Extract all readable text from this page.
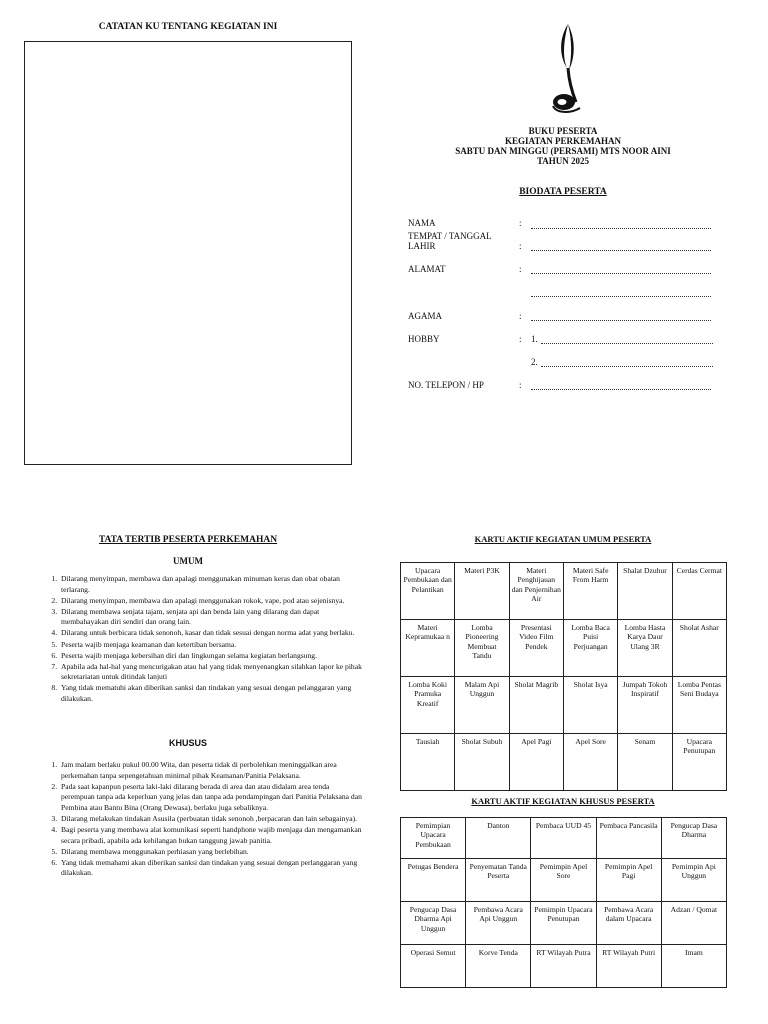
CATATAN KU TENTANG KEGIATAN INI
BUKU PESERTA
KEGIATAN PERKEMAHAN
SABTU DAN MINGGU (PERSAMI) MTS NOOR AINI
TAHUN 2025
BIODATA PESERTA
NAMA	:
TEMPAT / TANGGAL LAHIR	:
ALAMAT	:
AGAMA	:
HOBBY	: 1.
2.
NO. TELEPON / HP	:
TATA TERTIB PESERTA PERKEMAHAN
UMUM
1. Dilarang menyimpan, membawa dan apalagi menggunakan minuman keras dan obat obatan terlarang.
2. Dilarang menyimpan, membawa dan apalagi menggunakan rokok, vape, pod atau sejenisnya.
3. Dilarang membawa senjata tajam, senjata api dan benda lain yang dilarang dan dapat membahayakan diri sendiri dan orang lain.
4. Dilarang untuk berbicara tidak senonoh, kasar dan tidak sesuai dengan norma adat yang berlaku.
5. Peserta wajib menjaga keamanan dan ketertiban bersama.
6. Peserta wajib menjaga kebersihan diri dan lingkungan selama kegiatan berlangsung.
7. Apabila ada hal-hal yang mencurigakan atau hal yang tidak menyenangkan silahkan lapor ke pihak sekretariatan untuk ditindak lanjuti
8. Yang tidak mematuhi akan diberikan sanksi dan tindakan yang sesuai dengan pelanggaran yang dilakukan.
KHUSUS
1. Jam malam berlaku pukul 00.00 Wita, dan peserta tidak di perbolehkan meninggalkan area perkemahan tanpa sepengetahuan minimal pihak Keamanan/Panitia Pelaksana.
2. Pada saat kapanpun peserta laki-laki dilarang berada di area dan atau didalam area tenda perempuan tanpa ada keperluan yang jelas dan tanpa ada pendampingan dari Panitia Pelaksana dan Pembina atau Bantu Bina (Orang Dewasa), berlaku juga sebaliknya.
3. Dilarang melakukan tindakan Asusila (perbuatan tidak senonoh ,berpacaran dan lain sebagainya).
4. Bagi peserta yang membawa alat komunikasi seperti handphone wajib menjaga dan mengamankan secara pribadi, apabila ada kehilangan bukan tanggung jawab panitia.
5. Dilarang membawa menggunakan perhiasan yang berlebihan.
6. Yang tidak memahami akan diberikan sanksi dan tindakan yang sesuai dengan perlanggaran yang dilakukan.
KARTU AKTIF KEGIATAN UMUM PESERTA
Upacara Pembukaan dan Pelantikan	Materi P3K	Materi Penghijauan dan Penjernihan Air	Materi Safe From Harm	Shalat Dzuhur	Cerdas Cermat
Materi Kepramukaa n	Lomba Pioneering Membuat Tandu	Presentasi Video Film Pendek	Lomba Baca Puisi Perjuangan	Lomba Hasta Karya Daur Ulang 3R	Sholat Ashar
Lomba Koki Pramuka Kreatif	Malam Api Unggun	Sholat Magrib	Sholat Isya	Jumpah Tokoh Inspiratif	Lomba Pentas Seni Budaya
Tausiah	Sholat Subuh	Apel Pagi	Apel Sore	Senam	Upacara Penutupan
KARTU AKTIF KEGIATAN KHUSUS PESERTA
Pemimpian Upacara Pembukaan	Danton	Pembaca UUD 45	Pembaca Pancasila	Pengucap Dasa Dharma
Petugas Bendera	Penyematan Tanda Peserta	Pemimpin Apel Sore	Pemimpin Apel Pagi	Pemimpin Api Unggun
Pengucap Dasa Dharma Api Unggun	Pembawa Acara Api Unggun	Pemimpin Upacara Penutupan	Pembawa Acara dalam Upacara	Adzan / Qomat
Operasi Semut	Korve Tenda	RT Wilayah Putra	RT Wilayah Putri	Imam
